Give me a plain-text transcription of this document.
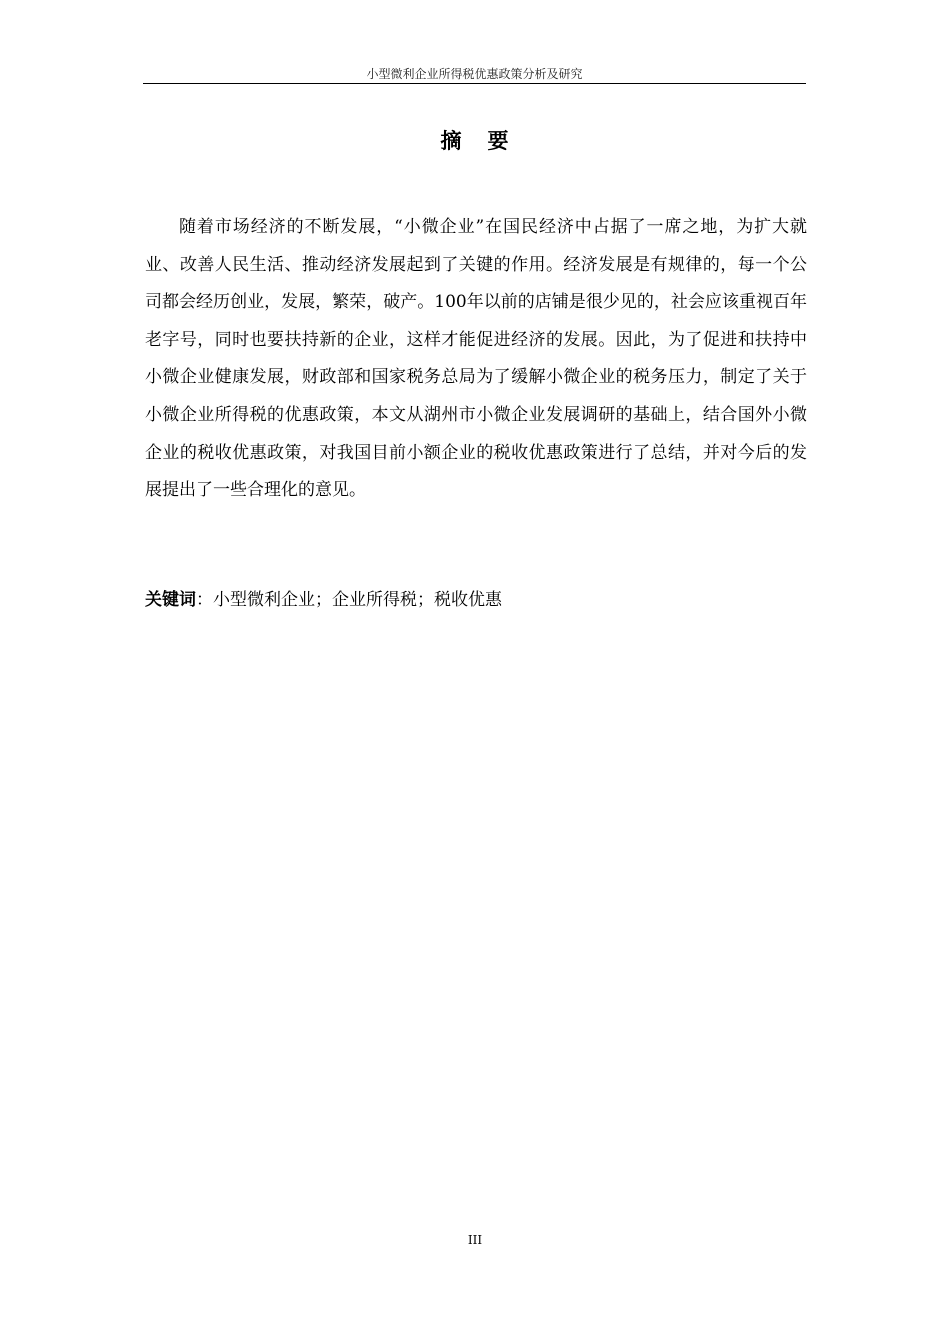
小型微利企业所得税优惠政策分析及研究
摘 要

随着市场经济的不断发展，“小微企业”在国民经济中占据了一席之地，为扩大就业、改善人民生活、推动经济发展起到了关键的作用。经济发展是有规律的，每一个公司都会经历创业，发展，繁荣，破产。100年以前的店铺是很少见的，社会应该重视百年老字号，同时也要扶持新的企业，这样才能促进经济的发展。因此，为了促进和扶持中小微企业健康发展，财政部和国家税务总局为了缓解小微企业的税务压力，制定了关于小微企业所得税的优惠政策，本文从湖州市小微企业发展调研的基础上，结合国外小微企业的税收优惠政策，对我国目前小额企业的税收优惠政策进行了总结，并对今后的发展提出了一些合理化的意见。

关键词：小型微利企业；企业所得税；税收优惠
III
